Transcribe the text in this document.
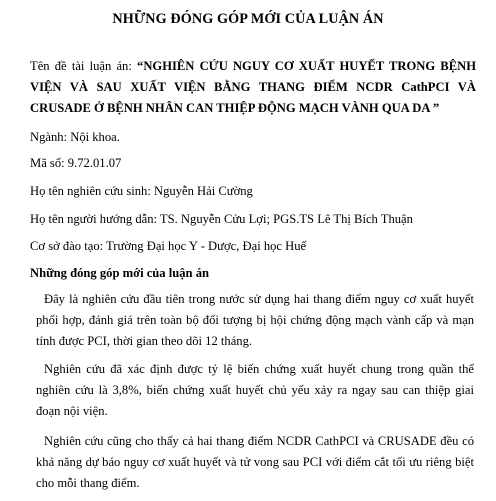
NHỮNG ĐÓNG GÓP MỚI CỦA LUẬN ÁN
Tên đề tài luận án: “NGHIÊN CỨU NGUY CƠ XUẤT HUYẾT TRONG BỆNH VIỆN VÀ SAU XUẤT VIỆN BẰNG THANG ĐIỂM NCDR CathPCI VÀ CRUSADE Ở BỆNH NHÂN CAN THIỆP ĐỘNG MẠCH VÀNH QUA DA ”
Ngành: Nội khoa.
Mã số: 9.72.01.07
Họ tên nghiên cứu sinh: Nguyễn Hải Cường
Họ tên người hướng dẫn: TS. Nguyễn Cửu Lợi; PGS.TS Lê Thị Bích Thuận
Cơ sở đào tạo: Trường Đại học Y - Dược, Đại học Huế
Những đóng góp mới của luận án
Đây là nghiên cứu đầu tiên trong nước sử dụng hai thang điểm nguy cơ xuất huyết phối hợp, đánh giá trên toàn bộ đối tượng bị hội chứng động mạch vành cấp và mạn tính được PCI, thời gian theo dõi 12 tháng.
Nghiên cứu đã xác định được tỷ lệ biến chứng xuất huyết chung trong quần thể nghiên cứu là 3,8%, biến chứng xuất huyết chủ yếu xảy ra ngay sau can thiệp giai đoạn nội viện.
Nghiên cứu cũng cho thấy cả hai thang điểm NCDR CathPCI và CRUSADE đều có khả năng dự báo nguy cơ xuất huyết và tử vong sau PCI với điểm cắt tối ưu riêng biệt cho mỗi thang điểm.
